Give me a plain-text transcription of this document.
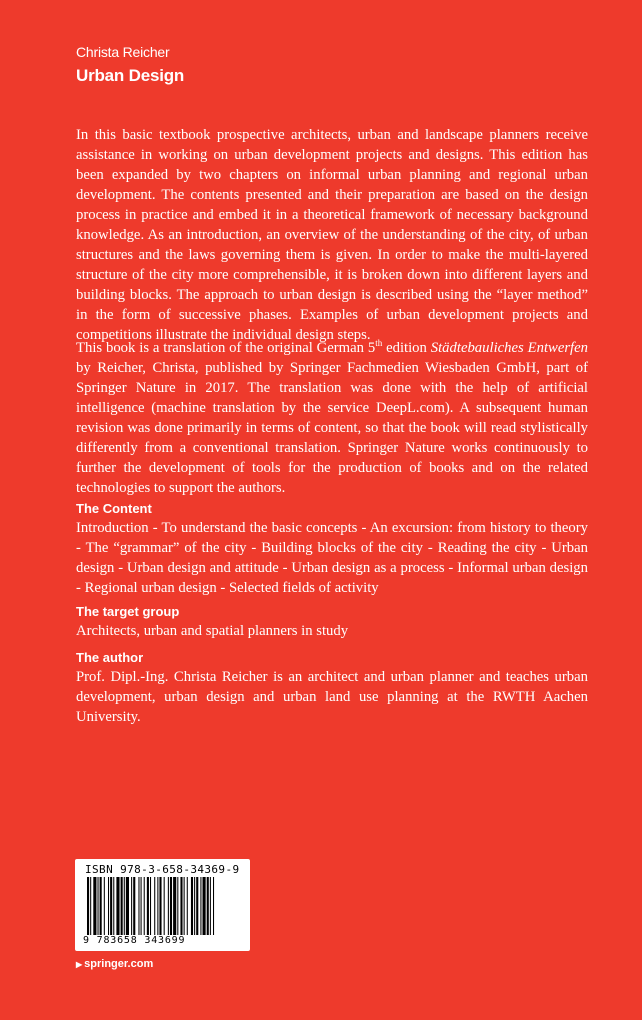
Christa Reicher
Urban Design

In this basic textbook prospective architects, urban and landscape planners receive assistance in working on urban development projects and designs. This edition has been expanded by two chapters on informal urban planning and regional urban development. The contents presented and their preparation are based on the design process in practice and embed it in a theoretical framework of necessary background knowledge. As an introduction, an overview of the understanding of the city, of urban structures and the laws governing them is given. In order to make the multi-layered structure of the city more comprehensible, it is broken down into different layers and building blocks. The approach to urban design is described using the “layer method” in the form of successive phases. Examples of urban development projects and competitions illustrate the individual design steps.

This book is a translation of the original German 5th edition Städtebauliches Entwerfen by Reicher, Christa, published by Springer Fachmedien Wiesbaden GmbH, part of Springer Nature in 2017. The translation was done with the help of artificial intelligence (machine translation by the service DeepL.com). A subsequent human revision was done primarily in terms of content, so that the book will read stylistically differently from a conventional translation. Springer Nature works continuously to further the development of tools for the production of books and on the related technologies to support the authors.

The Content

Introduction - To understand the basic concepts - An excursion: from history to theory - The “grammar” of the city - Building blocks of the city - Reading the city - Urban design - Urban design and attitude - Urban design as a process - Informal urban design - Regional urban design - Selected fields of activity

The target group

Architects, urban and spatial planners in study

The author

Prof. Dipl.-Ing. Christa Reicher is an architect and urban planner and teaches urban development, urban design and urban land use planning at the RWTH Aachen University.

ISBN 978-3-658-34369-9
9 783658 343699
▶ springer.com
